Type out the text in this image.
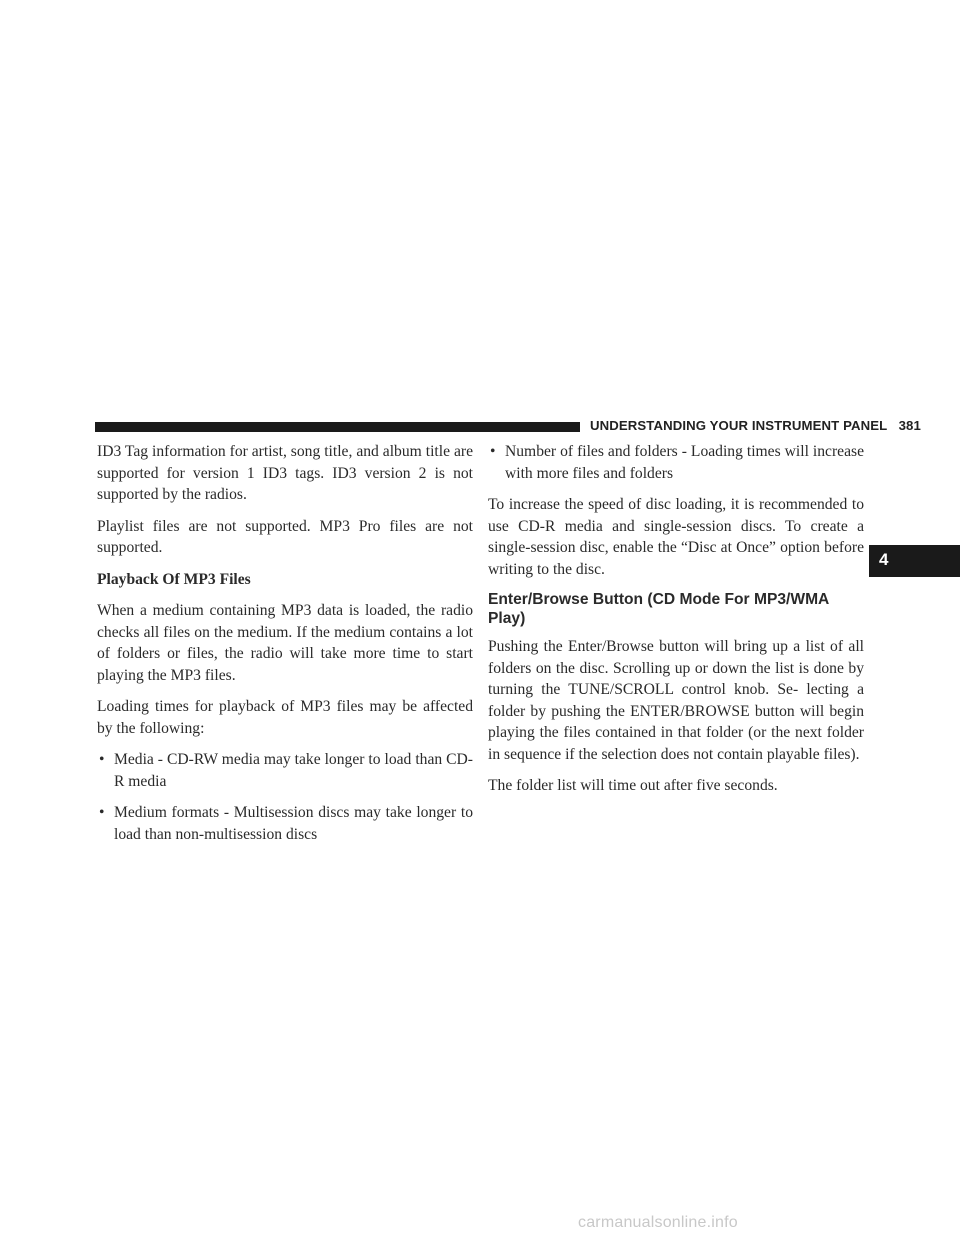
UNDERSTANDING YOUR INSTRUMENT PANEL 381

ID3 Tag information for artist, song title, and album title are supported for version 1 ID3 tags. ID3 version 2 is not supported by the radios.

Playlist files are not supported. MP3 Pro files are not supported.

Playback Of MP3 Files

When a medium containing MP3 data is loaded, the radio checks all files on the medium. If the medium contains a lot of folders or files, the radio will take more time to start playing the MP3 files.

Loading times for playback of MP3 files may be affected by the following:

• Media - CD-RW media may take longer to load than CD-R media
• Medium formats - Multisession discs may take longer to load than non-multisession discs
• Number of files and folders - Loading times will increase with more files and folders

To increase the speed of disc loading, it is recommended to use CD-R media and single-session discs. To create a single-session disc, enable the “Disc at Once” option before writing to the disc.

Enter/Browse Button (CD Mode For MP3/WMA Play)

Pushing the Enter/Browse button will bring up a list of all folders on the disc. Scrolling up or down the list is done by turning the TUNE/SCROLL control knob. Se- lecting a folder by pushing the ENTER/BROWSE button will begin playing the files contained in that folder (or the next folder in sequence if the selection does not contain playable files).

The folder list will time out after five seconds.

4
carmanualsonline.info
